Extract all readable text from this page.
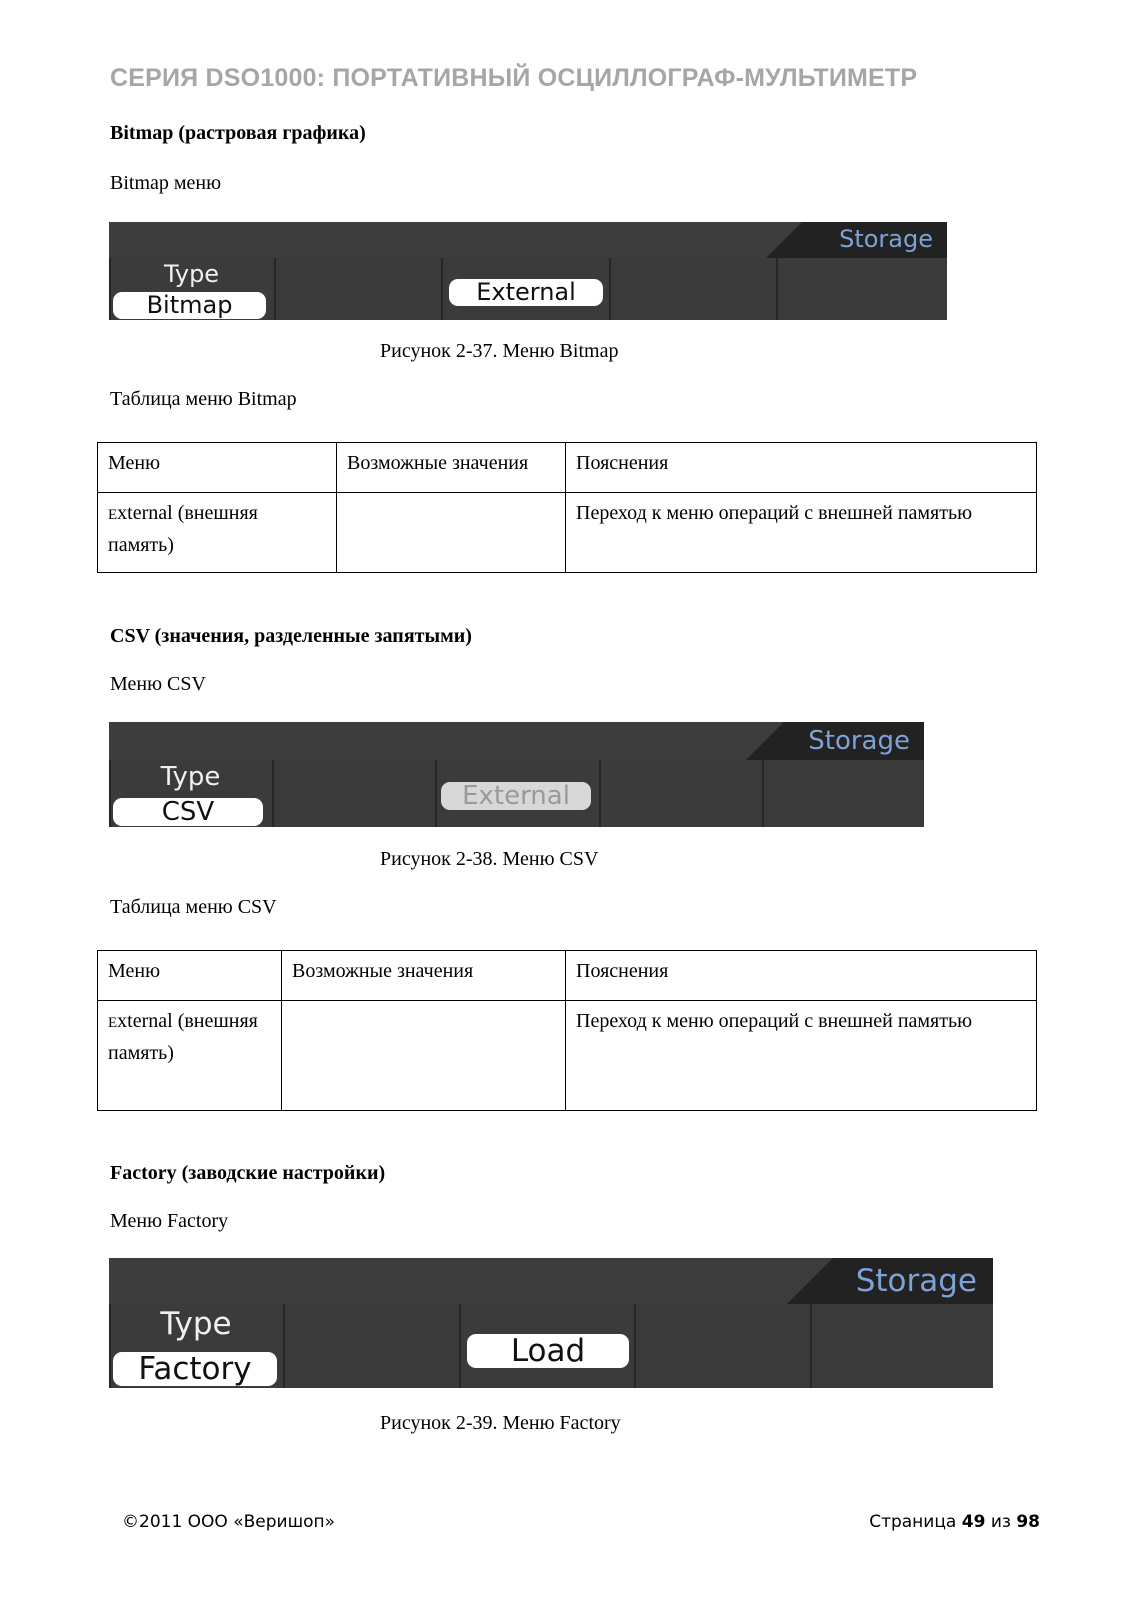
СЕРИЯ DSO1000: ПОРТАТИВНЫЙ ОСЦИЛЛОГРАФ-МУЛЬТИМЕТР
Bitmap (растровая графика)
Bitmap меню
Storage
Type
Bitmap	External
Рисунок 2-37. Меню Bitmap
Таблица меню Bitmap
Меню	Возможные значения	Пояснения
External (внешняя память)		Переход к меню операций с внешней памятью
CSV (значения, разделенные запятыми)
Меню CSV
Storage
Type
CSV
External
Рисунок 2-38. Меню CSV
Таблица меню CSV
Меню	Возможные значения	Пояснения
External (внешняя память)		Переход к меню операций с внешней памятью
Factory (заводские настройки)
Меню Factory
Storage
Type
Factory	Load
Рисунок 2-39. Меню Factory
©2011 ООО «Веришоп»	Страница 49 из 98
